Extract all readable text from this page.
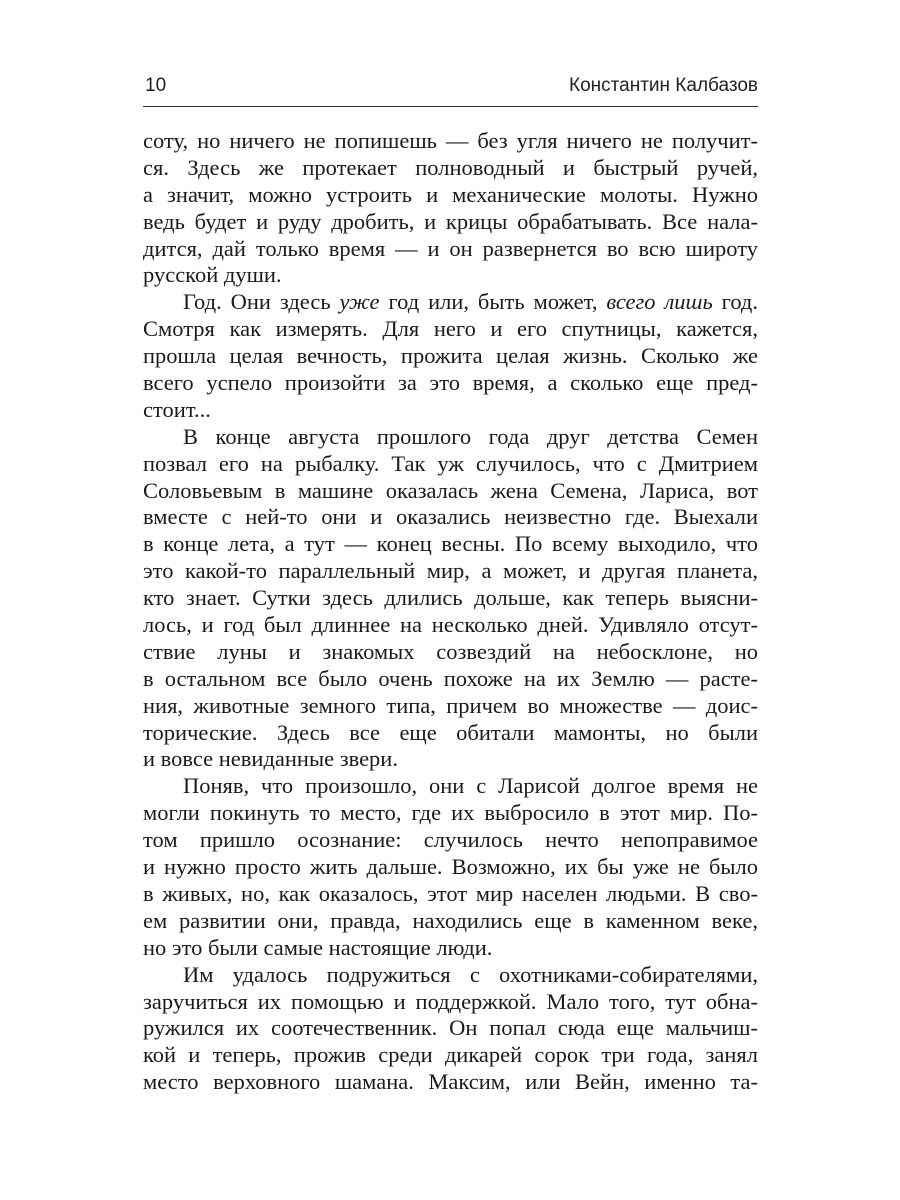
10	Константин Калбазов
соту, но ничего не попишешь — без угля ничего не получит-
ся. Здесь же протекает полноводный и быстрый ручей,
а значит, можно устроить и механические молоты. Нужно
ведь будет и руду дробить, и крицы обрабатывать. Все нала-
дится, дай только время — и он развернется во всю широту
русской души.
Год. Они здесь уже год или, быть может, всего лишь год.
Смотря как измерять. Для него и его спутницы, кажется,
прошла целая вечность, прожита целая жизнь. Сколько же
всего успело произойти за это время, а сколько еще пред-
стоит...
В конце августа прошлого года друг детства Семен
позвал его на рыбалку. Так уж случилось, что с Дмитрием
Соловьевым в машине оказалась жена Семена, Лариса, вот
вместе с ней-то они и оказались неизвестно где. Выехали
в конце лета, а тут — конец весны. По всему выходило, что
это какой-то параллельный мир, а может, и другая планета,
кто знает. Сутки здесь длились дольше, как теперь выясни-
лось, и год был длиннее на несколько дней. Удивляло отсут-
ствие луны и знакомых созвездий на небосклоне, но
в остальном все было очень похоже на их Землю — расте-
ния, животные земного типа, причем во множестве — доис-
торические. Здесь все еще обитали мамонты, но были
и вовсе невиданные звери.
Поняв, что произошло, они с Ларисой долгое время не
могли покинуть то место, где их выбросило в этот мир. По-
том пришло осознание: случилось нечто непоправимое
и нужно просто жить дальше. Возможно, их бы уже не было
в живых, но, как оказалось, этот мир населен людьми. В сво-
ем развитии они, правда, находились еще в каменном веке,
но это были самые настоящие люди.
Им удалось подружиться с охотниками-собирателями,
заручиться их помощью и поддержкой. Мало того, тут обна-
ружился их соотечественник. Он попал сюда еще мальчиш-
кой и теперь, прожив среди дикарей сорок три года, занял
место верховного шамана. Максим, или Вейн, именно та-
